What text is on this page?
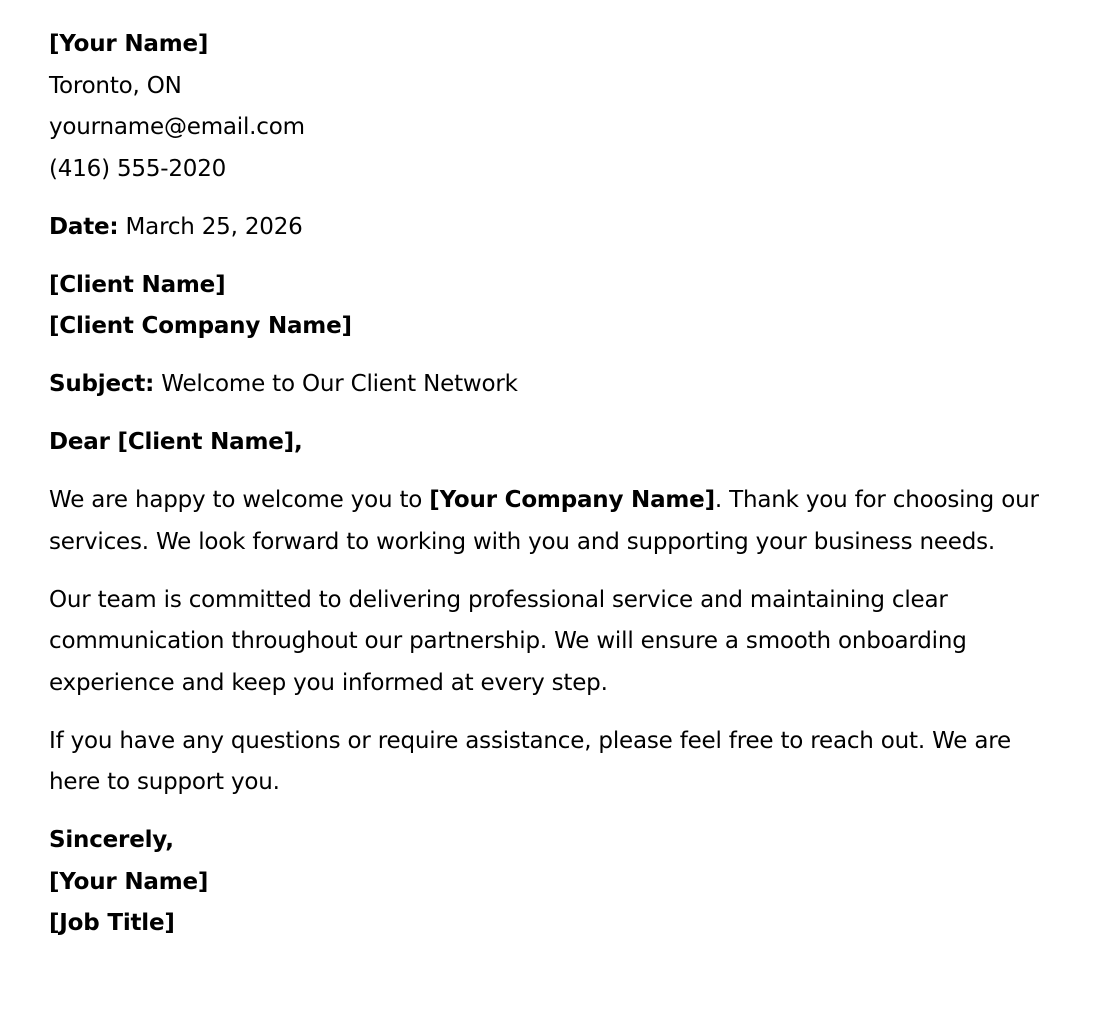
[Your Name]
Toronto, ON
yourname@email.com
(416) 555-2020
Date: March 25, 2026
[Client Name]
[Client Company Name]
Subject: Welcome to Our Client Network
Dear [Client Name],
We are happy to welcome you to [Your Company Name]. Thank you for choosing our services. We look forward to working with you and supporting your business needs.
Our team is committed to delivering professional service and maintaining clear communication throughout our partnership. We will ensure a smooth onboarding experience and keep you informed at every step.
If you have any questions or require assistance, please feel free to reach out. We are here to support you.
Sincerely,
[Your Name]
[Job Title]
